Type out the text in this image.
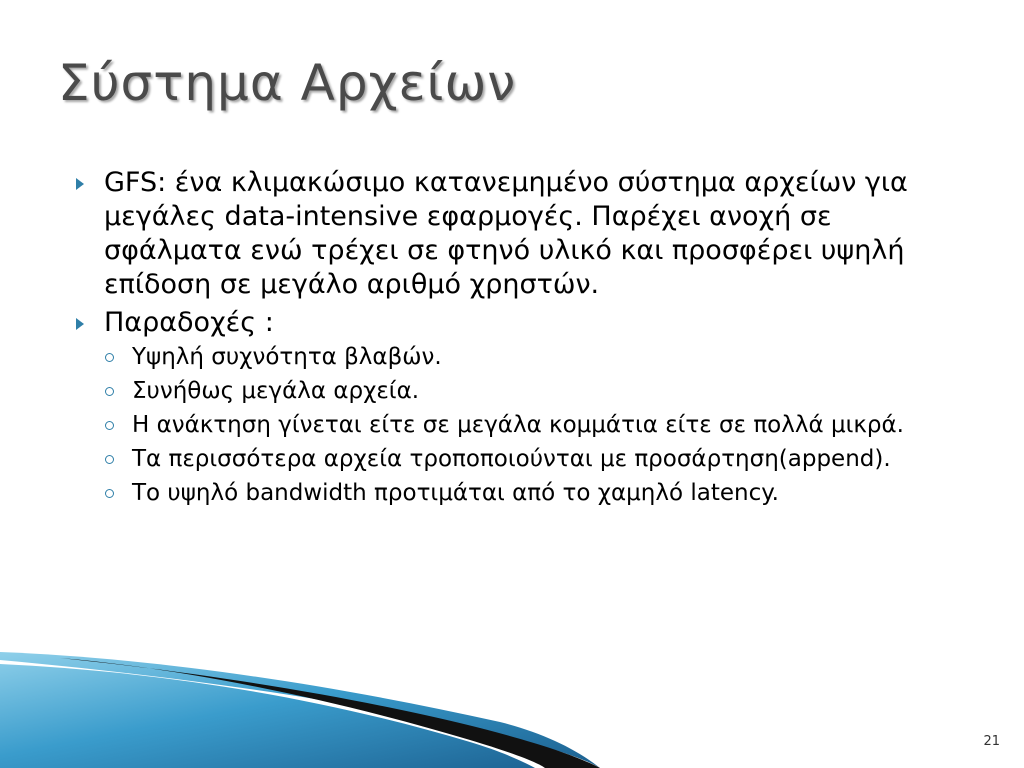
Σύστημα Αρχείων
GFS: ένα κλιμακώσιμο κατανεμημένο σύστημα αρχείων για μεγάλες data-intensive εφαρμογές. Παρέχει ανοχή σε σφάλματα ενώ τρέχει σε φτηνό υλικό και προσφέρει υψηλή επίδοση σε μεγάλο αριθμό χρηστών.
Παραδοχές :
Υψηλή συχνότητα βλαβών.
Συνήθως μεγάλα αρχεία.
Η ανάκτηση γίνεται είτε σε μεγάλα κομμάτια είτε σε πολλά μικρά.
Τα περισσότερα αρχεία τροποποιούνται με προσάρτηση(append).
Το υψηλό bandwidth προτιμάται από το χαμηλό latency.
21
